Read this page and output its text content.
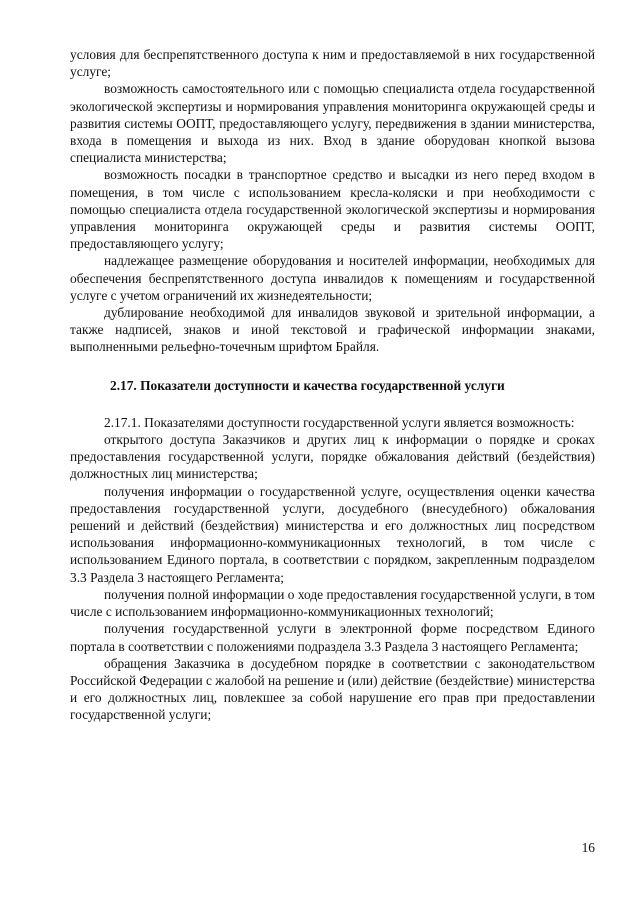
условия для беспрепятственного доступа к ним и предоставляемой в них государственной услуге;

возможность самостоятельного или с помощью специалиста отдела государственной экологической экспертизы и нормирования управления мониторинга окружающей среды и развития системы ООПТ, предоставляющего услугу, передвижения в здании министерства, входа в помещения и выхода из них. Вход в здание оборудован кнопкой вызова специалиста министерства;

возможность посадки в транспортное средство и высадки из него перед входом в помещения, в том числе с использованием кресла-коляски и при необходимости с помощью специалиста отдела государственной экологической экспертизы и нормирования управления мониторинга окружающей среды и развития системы ООПТ, предоставляющего услугу;

надлежащее размещение оборудования и носителей информации, необходимых для обеспечения беспрепятственного доступа инвалидов к помещениям и государственной услуге с учетом ограничений их жизнедеятельности;

дублирование необходимой для инвалидов звуковой и зрительной информации, а также надписей, знаков и иной текстовой и графической информации знаками, выполненными рельефно-точечным шрифтом Брайля.

2.17. Показатели доступности и качества государственной услуги

2.17.1. Показателями доступности государственной услуги является возможность:

открытого доступа Заказчиков и других лиц к информации о порядке и сроках предоставления государственной услуги, порядке обжалования действий (бездействия) должностных лиц министерства;

получения информации о государственной услуге, осуществления оценки качества предоставления государственной услуги, досудебного (внесудебного) обжалования решений и действий (бездействия) министерства и его должностных лиц посредством использования информационно-коммуникационных технологий, в том числе с использованием Единого портала, в соответствии с порядком, закрепленным подразделом 3.3 Раздела 3 настоящего Регламента;

получения полной информации о ходе предоставления государственной услуги, в том числе с использованием информационно-коммуникационных технологий;

получения государственной услуги в электронной форме посредством Единого портала в соответствии с положениями подраздела 3.3 Раздела 3 настоящего Регламента;

обращения Заказчика в досудебном порядке в соответствии с законодательством Российской Федерации с жалобой на решение и (или) действие (бездействие) министерства и его должностных лиц, повлекшее за собой нарушение его прав при предоставлении государственной услуги;

16
